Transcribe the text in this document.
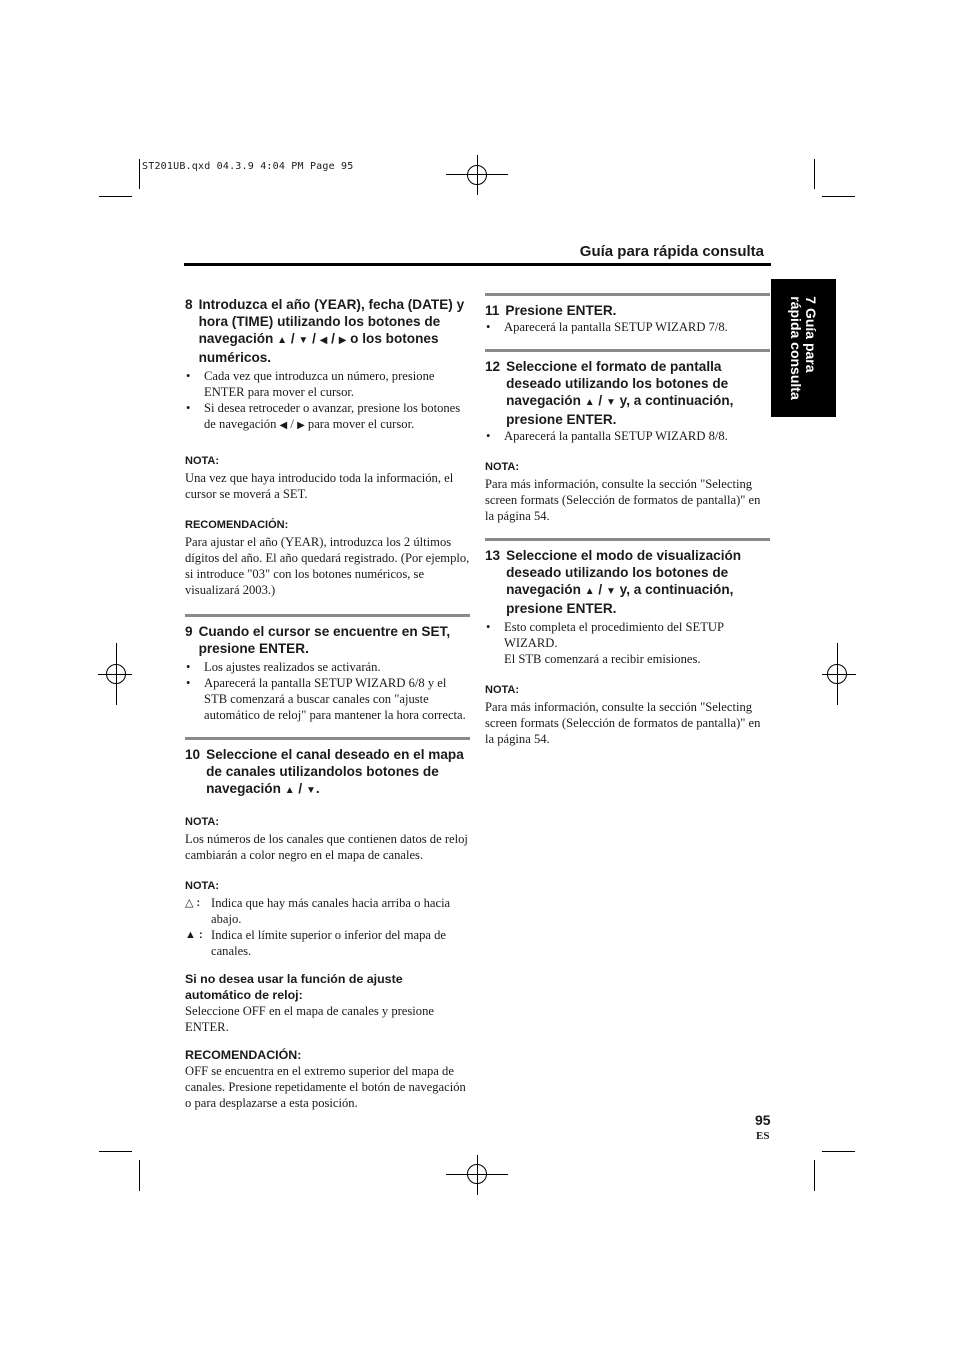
ST201UB.qxd 04.3.9 4:04 PM Page 95
Guía para rápida consulta
7 Guía para
rápida consulta
8 Introduzca el año (YEAR), fecha (DATE) y hora (TIME) utilizando los botones de navegación ▲ / ▼ / ◀ / ▶ o los botones numéricos.
• Cada vez que introduzca un número, presione ENTER para mover el cursor.
• Si desea retroceder o avanzar, presione los botones de navegación ◀ / ▶ para mover el cursor.
NOTA:
Una vez que haya introducido toda la información, el cursor se moverá a SET.
RECOMENDACIÓN:
Para ajustar el año (YEAR), introduzca los 2 últimos dígitos del año. El año quedará registrado. (Por ejemplo, si introduce "03" con los botones numéricos, se visualizará 2003.)
9 Cuando el cursor se encuentre en SET, presione ENTER.
• Los ajustes realizados se activarán.
• Aparecerá la pantalla SETUP WIZARD 6/8 y el STB comenzará a buscar canales con "ajuste automático de reloj" para mantener la hora correcta.
10 Seleccione el canal deseado en el mapa de canales utilizandolos botones de navegación ▲ / ▼.
NOTA:
Los números de los canales que contienen datos de reloj cambiarán a color negro en el mapa de canales.
NOTA:
△ : Indica que hay más canales hacia arriba o hacia abajo.
▲ : Indica el límite superior o inferior del mapa de canales.
Si no desea usar la función de ajuste automático de reloj:
Seleccione OFF en el mapa de canales y presione ENTER.
RECOMENDACIÓN:
OFF se encuentra en el extremo superior del mapa de canales. Presione repetidamente el botón de navegación o para desplazarse a esta posición.
11 Presione ENTER.
• Aparecerá la pantalla SETUP WIZARD 7/8.
12 Seleccione el formato de pantalla deseado utilizando los botones de navegación ▲ / ▼ y, a continuación, presione ENTER.
• Aparecerá la pantalla SETUP WIZARD 8/8.
NOTA:
Para más información, consulte la sección "Selecting screen formats (Selección de formatos de pantalla)" en la página 54.
13 Seleccione el modo de visualización deseado utilizando los botones de navegación ▲ / ▼ y, a continuación, presione ENTER.
• Esto completa el procedimiento del SETUP WIZARD.
El STB comenzará a recibir emisiones.
NOTA:
Para más información, consulte la sección "Selecting screen formats (Selección de formatos de pantalla)" en la página 54.
95
ES
